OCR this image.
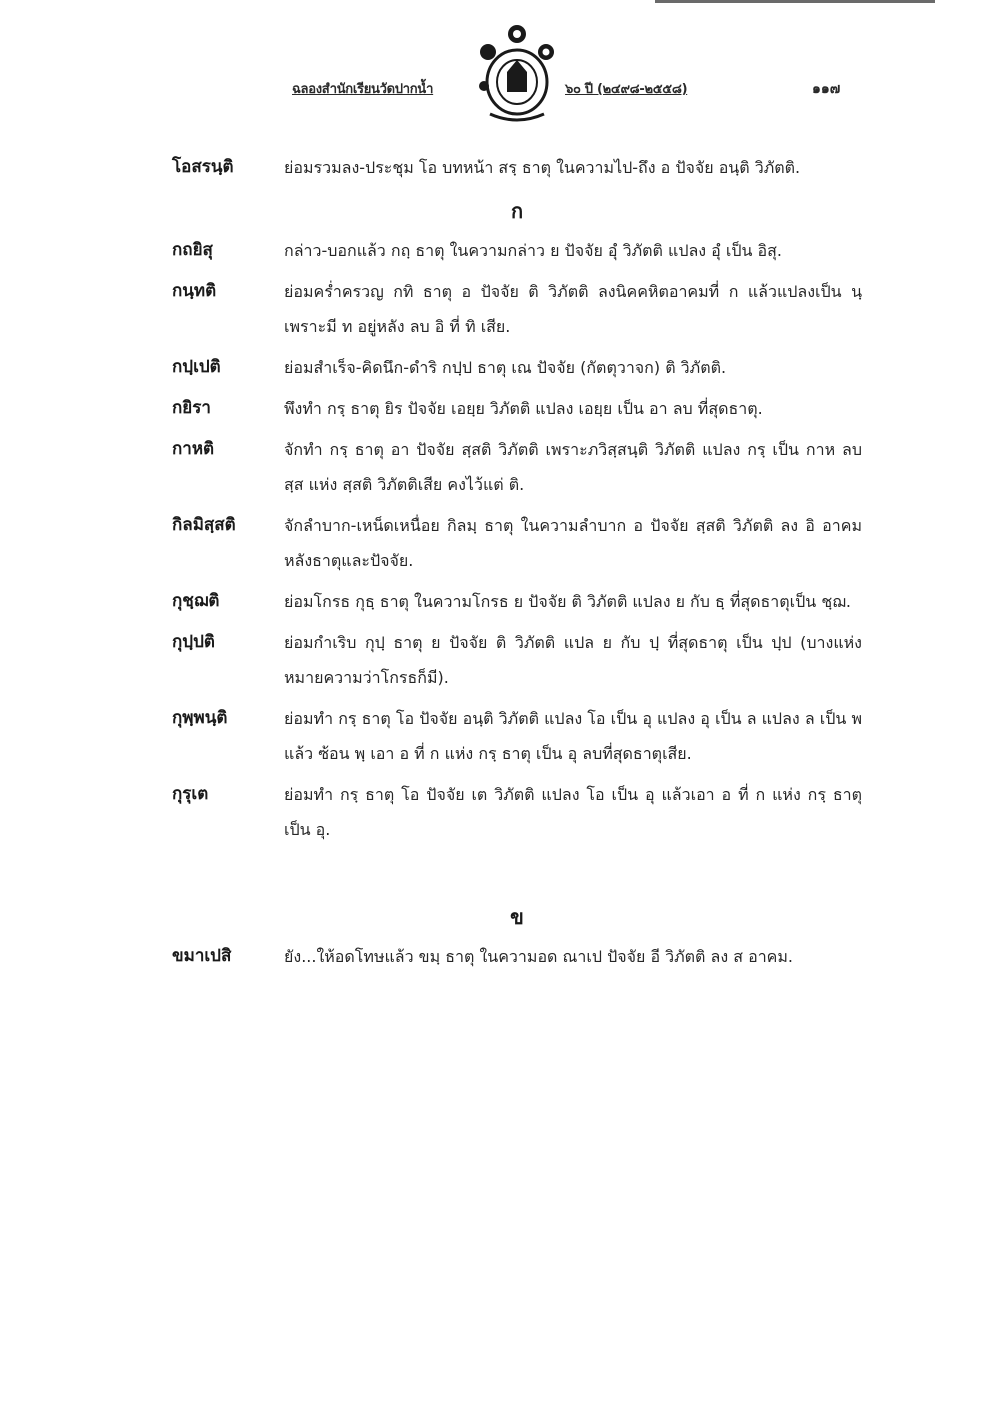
ฉลองสำนักเรียนวัดปากน้ำ	๖๐ ปี (๒๔๙๘-๒๕๕๘)	๑๑๗
โอสรนฺติ	ย่อมรวมลง-ประชุม โอ บทหน้า สรฺ ธาตุ ในความไป-ถึง อ ปัจจัย อนฺติ วิภัตติ.
ก
กถยิสุ	กล่าว-บอกแล้ว กถฺ ธาตุ ในความกล่าว ย ปัจจัย อุํ วิภัตติ แปลง อุํ เป็น อิสุ.
กนฺทติ	ย่อมคร่ำครวญ กทิ ธาตุ อ ปัจจัย ติ วิภัตติ ลงนิคคหิตอาคมที่ ก แล้วแปลงเป็น นฺ เพราะมี ท อยู่หลัง ลบ อิ ที่ ทิ เสีย.
กปฺเปติ	ย่อมสำเร็จ-คิดนึก-ดำริ กปฺป ธาตุ เณ ปัจจัย (กัตตุวาจก) ติ วิภัตติ.
กยิรา	พึงทำ กรฺ ธาตุ ยิร ปัจจัย เอยฺย วิภัตติ แปลง เอยฺย เป็น อา ลบ ที่สุดธาตุ.
กาหติ	จักทำ กรฺ ธาตุ อา ปัจจัย สฺสติ วิภัตติ เพราะภวิสฺสนฺติ วิภัตติ แปลง กรฺ เป็น กาห ลบ สฺส แห่ง สฺสติ วิภัตติเสีย คงไว้แต่ ติ.
กิลมิสฺสติ	จักลำบาก-เหน็ดเหนื่อย กิลมฺ ธาตุ ในความลำบาก อ ปัจจัย สฺสติ วิภัตติ ลง อิ อาคมหลังธาตุและปัจจัย.
กุชฺฌติ	ย่อมโกรธ กุธฺ ธาตุ ในความโกรธ ย ปัจจัย ติ วิภัตติ แปลง ย กับ ธฺ ที่สุดธาตุเป็น ชฺฌ.
กุปฺปติ	ย่อมกำเริบ กุปฺ ธาตุ ย ปัจจัย ติ วิภัตติ แปล ย กับ ปฺ ที่สุดธาตุ เป็น ปฺป (บางแห่งหมายความว่าโกรธก็มี).
กุพฺพนฺติ	ย่อมทำ กรฺ ธาตุ โอ ปัจจัย อนฺติ วิภัตติ แปลง โอ เป็น อุ แปลง อุ เป็น ล แปลง ล เป็น พ แล้ว ซ้อน พฺ เอา อ ที่ ก แห่ง กรฺ ธาตุ เป็น อุ ลบที่สุดธาตุเสีย.
กุรุเต	ย่อมทำ กรฺ ธาตุ โอ ปัจจัย เต วิภัตติ แปลง โอ เป็น อุ แล้วเอา อ ที่ ก แห่ง กรฺ ธาตุ เป็น อุ.
ข
ขมาเปสิ	ยัง...ให้อดโทษแล้ว ขมฺ ธาตุ ในความอด ณาเป ปัจจัย อี วิภัตติ ลง ส อาคม.
